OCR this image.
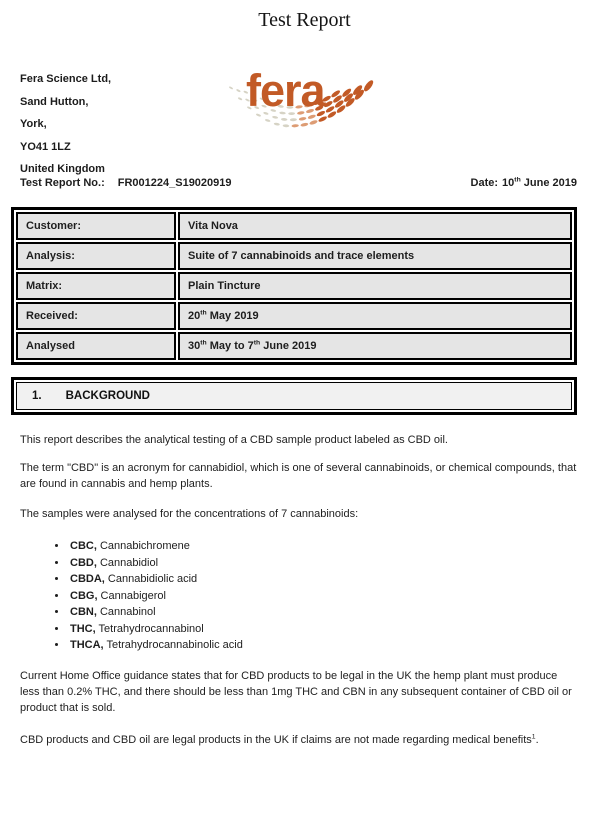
Test Report
Fera Science Ltd,
Sand Hutton,
York,
YO41 1LZ
United Kingdom
fera
Test Report No.: FR001224_S19020919	Date: 10th June 2019
Customer:	Vita Nova
Analysis:	Suite of 7 cannabinoids and trace elements
Matrix:	Plain Tincture
Received:	20th May 2019
Analysed	30th May to 7th June 2019
1. BACKGROUND

This report describes the analytical testing of a CBD sample product labeled as CBD oil.

The term "CBD" is an acronym for cannabidiol, which is one of several cannabinoids, or chemical compounds, that are found in cannabis and hemp plants.

The samples were analysed for the concentrations of 7 cannabinoids:

• CBC, Cannabichromene
• CBD, Cannabidiol
• CBDA, Cannabidiolic acid
• CBG, Cannabigerol
• CBN, Cannabinol
• THC, Tetrahydrocannabinol
• THCA, Tetrahydrocannabinolic acid

Current Home Office guidance states that for CBD products to be legal in the UK the hemp plant must produce less than 0.2% THC, and there should be less than 1mg THC and CBN in any subsequent container of CBD oil or product that is sold.

CBD products and CBD oil are legal products in the UK if claims are not made regarding medical benefits$^1$.
